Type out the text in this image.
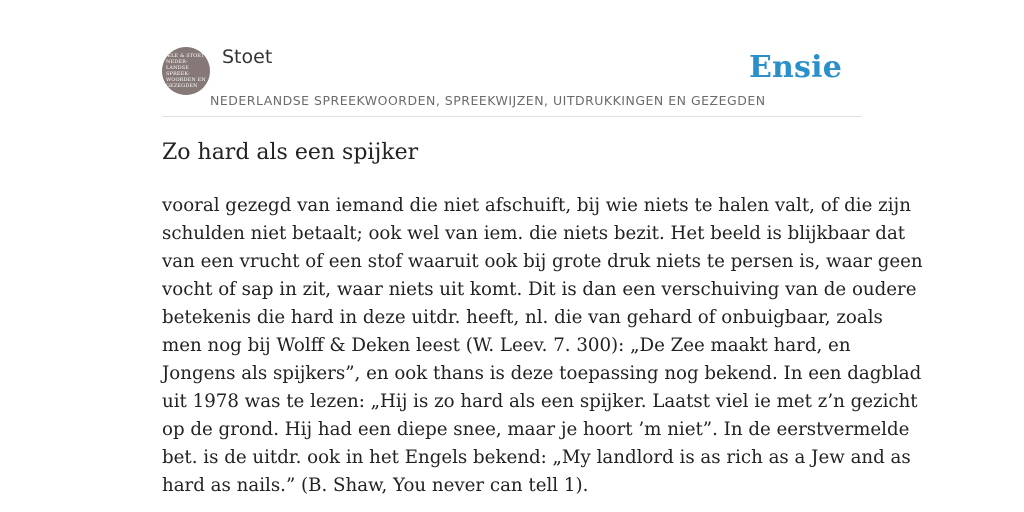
ÆLE & STOET
NEDER-
LANDSE
SPREEK-
WOORDEN EN
GEZEGDEN
Stoet	Ensie
NEDERLANDSE SPREEKWOORDEN, SPREEKWIJZEN, UITDRUKKINGEN EN GEZEGDEN
Zo hard als een spijker
vooral gezegd van iemand die niet afschuift, bij wie niets te halen valt, of die zijn
schulden niet betaalt; ook wel van iem. die niets bezit. Het beeld is blijkbaar dat
van een vrucht of een stof waaruit ook bij grote druk niets te persen is, waar geen
vocht of sap in zit, waar niets uit komt. Dit is dan een verschuiving van de oudere
betekenis die hard in deze uitdr. heeft, nl. die van gehard of onbuigbaar, zoals
men nog bij Wolff & Deken leest (W. Leev. 7. 300): „De Zee maakt hard, en
Jongens als spijkers”, en ook thans is deze toepassing nog bekend. In een dagblad
uit 1978 was te lezen: „Hij is zo hard als een spijker. Laatst viel ie met z’n gezicht
op de grond. Hij had een diepe snee, maar je hoort ’m niet”. In de eerstvermelde
bet. is de uitdr. ook in het Engels bekend: „My landlord is as rich as a Jew and as
hard as nails.” (B. Shaw, You never can tell 1).
